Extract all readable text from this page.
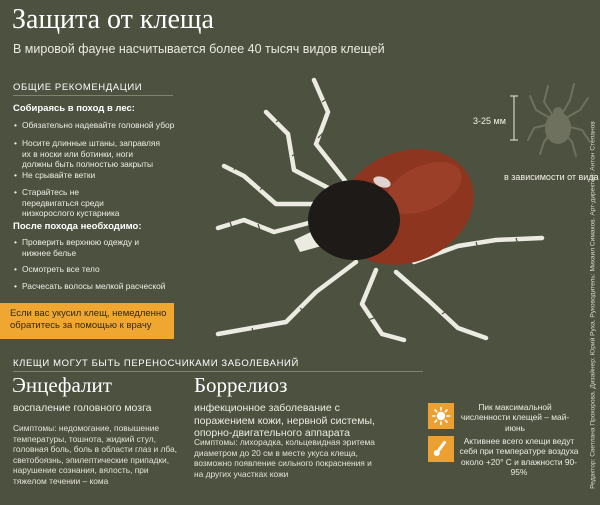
Защита от клеща
В мировой фауне насчитывается более 40 тысяч видов клещей
ОБЩИЕ РЕКОМЕНДАЦИИ
Собираясь в поход в лес:
• Обязательно надевайте головной убор
• Носите длинные штаны, заправляя их в носки или ботинки, ноги должны быть полностью закрыты
• Не срывайте ветки
• Старайтесь не передвигаться среди низкорослого кустарника
После похода необходимо:
• Проверить верхнюю одежду и нижнее белье
• Осмотреть все тело
• Расчесать волосы мелкой расческой
Если вас укусил клещ, немедленно обратитесь за помощью к врачу
3-25 мм
в зависимости от вида
КЛЕЩИ МОГУТ БЫТЬ ПЕРЕНОСЧИКАМИ ЗАБОЛЕВАНИЙ
Энцефалит
воспаление головного мозга
Симптомы: недомогание, повышение температуры, тошнота, жидкий стул, головная боль, боль в области глаз и лба, светобоязнь, эпилептические припадки, нарушение сознания, вялость, при тяжелом течении – кома
Боррелиоз
инфекционное заболевание с поражением кожи, нервной системы, опорно-двигательного аппарата
Симптомы: лихорадка, кольцевидная эритема диаметром до 20 см в месте укуса клеща, возможно появление сильного покраснения и на других участках кожи
Пик максимальной численности клещей – май-июнь
Активнее всего клещи ведут себя при температуре воздуха около +20° С и влажности 90-95%	Редактор: Светлана Прохорова. Дизайнер: Юрий Руха. Руководитель: Михаил Симаков. Арт-директор: Антон Степанов
